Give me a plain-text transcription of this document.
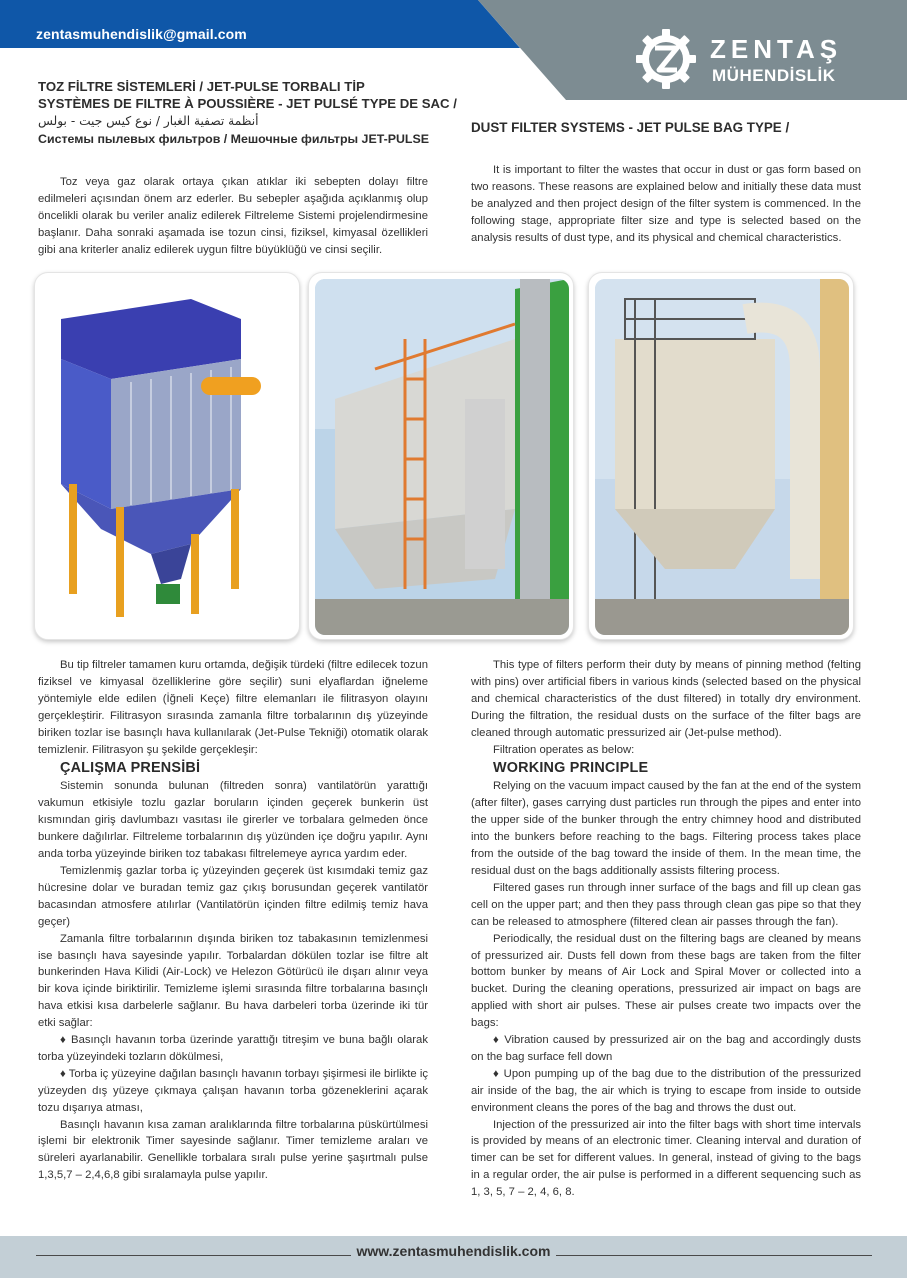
zentasmuhendislik@gmail.com	ZENTAŞ
MÜHENDİSLİK
TOZ FİLTRE SİSTEMLERİ / JET-PULSE TORBALI TİP
SYSTÈMES DE FILTRE À POUSSIÈRE - JET PULSÉ TYPE DE SAC /
أنظمة تصفية الغبار / نوع كيس جيت - بولس
Системы пылевых фильтров / Мешочные фильтры JET-PULSE
DUST FILTER SYSTEMS - JET PULSE BAG TYPE /

Toz veya gaz olarak ortaya çıkan atıklar iki sebepten dolayı filtre edilmeleri açısından önem arz ederler. Bu sebepler aşağıda açıklanmış olup öncelikli olarak bu veriler analiz edilerek Filtreleme Sistemi projelendirmesine başlanır. Daha sonraki aşamada ise tozun cinsi, fiziksel, kimyasal özellikleri gibi ana kriterler analiz edilerek uygun filtre büyüklüğü ve cinsi seçilir.

It is important to filter the wastes that occur in dust or gas form based on two reasons. These reasons are explained below and initially these data must be analyzed and then project design of the filter system is commenced. In the following stage, appropriate filter size and type is selected based on the analysis results of dust type, and its physical and chemical characteristics.

Bu tip filtreler tamamen kuru ortamda, değişik türdeki (filtre edilecek tozun fiziksel ve kimyasal özelliklerine göre seçilir) suni elyaflardan iğneleme yöntemiyle elde edilen (İğneli Keçe) filtre elemanları ile filitrasyon olayını gerçekleştirir. Filitrasyon sırasında zamanla filtre torbalarının dış yüzeyinde biriken tozlar ise basınçlı hava kullanılarak (Jet-Pulse Tekniği) otomatik olarak temizlenir. Filitrasyon şu şekilde gerçekleşir:

ÇALIŞMA PRENSİBİ

Sistemin sonunda bulunan (filtreden sonra) vantilatörün yarattığı vakumun etkisiyle tozlu gazlar boruların içinden geçerek bunkerin üst kısmından giriş davlumbazı vasıtası ile girerler ve torbalara gelmeden önce bunkere dağılırlar. Filtreleme torbalarının dış yüzünden içe doğru yapılır. Aynı anda torba yüzeyinde biriken toz tabakası filtrelemeye ayrıca yardım eder.

Temizlenmiş gazlar torba iç yüzeyinden geçerek üst kısımdaki temiz gaz hücresine dolar ve buradan temiz gaz çıkış borusundan geçerek vantilatör bacasından atmosfere atılırlar (Vantilatörün içinden filtre edilmiş temiz hava geçer)

Zamanla filtre torbalarının dışında biriken toz tabakasının temizlenmesi ise basınçlı hava sayesinde yapılır. Torbalardan dökülen tozlar ise filtre alt bunkerinden Hava Kilidi (Air-Lock) ve Helezon Götürücü ile dışarı alınır veya bir kova içinde biriktirilir. Temizleme işlemi sırasında filtre torbalarına basınçlı hava etkisi kısa darbelerle sağlanır. Bu hava darbeleri torba üzerinde iki tür etki sağlar:

♦ Basınçlı havanın torba üzerinde yarattığı titreşim ve buna bağlı olarak torba yüzeyindeki tozların dökülmesi,

♦ Torba iç yüzeyine dağılan basınçlı havanın torbayı şişirmesi ile birlikte iç yüzeyden dış yüzeye çıkmaya çalışan havanın torba gözeneklerini açarak tozu dışarıya atması,

Basınçlı havanın kısa zaman aralıklarında filtre torbalarına püskürtülmesi işlemi bir elektronik Timer sayesinde sağlanır. Timer temizleme araları ve süreleri ayarlanabilir. Genellikle torbalara sıralı pulse yerine şaşırtmalı pulse 1,3,5,7 – 2,4,6,8 gibi sıralamayla pulse yapılır.

This type of filters perform their duty by means of pinning method (felting with pins) over artificial fibers in various kinds (selected based on the physical and chemical characteristics of the dust filtered) in totally dry environment. During the filtration, the residual dusts on the surface of the filter bags are cleaned through automatic pressurized air (Jet-pulse method).

Filtration operates as below:

WORKING PRINCIPLE

Relying on the vacuum impact caused by the fan at the end of the system (after filter), gases carrying dust particles run through the pipes and enter into the upper side of the bunker through the entry chimney hood and distributed into the bunkers before reaching to the bags. Filtering process takes place from the outside of the bag toward the inside of them. In the mean time, the residual dust on the bags additionally assists filtering process.

Filtered gases run through inner surface of the bags and fill up clean gas cell on the upper part; and then they pass through clean gas pipe so that they can be released to atmosphere (filtered clean air passes through the fan).

Periodically, the residual dust on the filtering bags are cleaned by means of pressurized air. Dusts fell down from these bags are taken from the filter bottom bunker by means of Air Lock and Spiral Mover or collected into a bucket. During the cleaning operations, pressurized air impact on bags are applied with short air pulses. These air pulses create two impacts over the bags:

♦ Vibration caused by pressurized air on the bag and accordingly dusts on the bag surface fell down

♦ Upon pumping up of the bag due to the distribution of the pressurized air inside of the bag, the air which is trying to escape from inside to outside environment cleans the pores of the bag and throws the dust out.

Injection of the pressurized air into the filter bags with short time intervals is provided by means of an electronic timer. Cleaning interval and duration of timer can be set for different values. In general, instead of giving to the bags in a regular order, the air pulse is performed in a different sequencing such as 1, 3, 5, 7 – 2, 4, 6, 8.

www.zentasmuhendislik.com
